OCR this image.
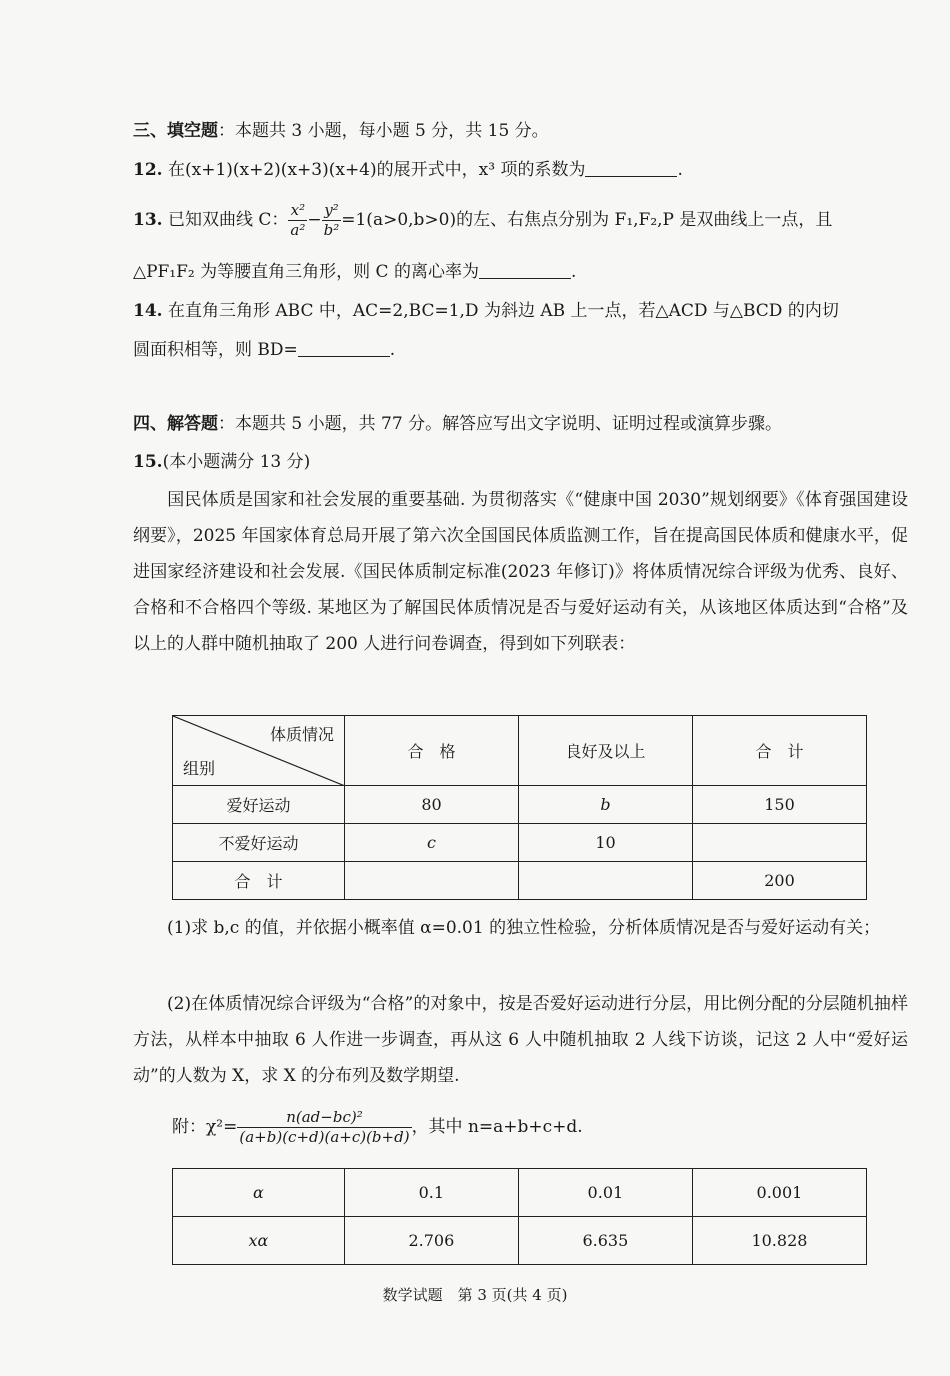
三、填空题：本题共 3 小题，每小题 5 分，共 15 分。
12. 在(x+1)(x+2)(x+3)(x+4)的展开式中，x³ 项的系数为	.
13. 已知双曲线 C： $\frac{\text{x²}}{\text{a²}} - \frac{\text{y²}}{\text{b²}} =1(a>0,b>0)$的左、右焦点分别为 F₁,F₂,P 是双曲线上一点，且
△PF₁F₂ 为等腰直角三角形，则 C 的离心率为	.
14. 在直角三角形 ABC 中，AC=2,BC=1,D 为斜边 AB 上一点，若△ACD 与△BCD 的内切
圆面积相等，则 BD=	.
四、解答题：本题共 5 小题，共 77 分。解答应写出文字说明、证明过程或演算步骤。
15.(本小题满分 13 分)
国民体质是国家和社会发展的重要基础. 为贯彻落实《“健康中国 2030”规划纲要》《体育强国建设纲要》，2025 年国家体育总局开展了第六次全国国民体质监测工作，旨在提高国民体质和健康水平，促进国家经济建设和社会发展.《国民体质制定标准(2023 年修订)》将体质情况综合评级为优秀、良好、合格和不合格四个等级. 某地区为了解国民体质情况是否与爱好运动有关，从该地区体质达到“合格”及以上的人群中随机抽取了 200 人进行问卷调查，得到如下列联表：
体质情况
组别	合　格	良好及以上	合　计
爱好运动	80	b	150
不爱好运动	c	10	
合　计			200
(1)求 b,c 的值，并依据小概率值 α=0.01 的独立性检验，分析体质情况是否与爱好运动有关；
(2)在体质情况综合评级为“合格”的对象中，按是否爱好运动进行分层，用比例分配的分层随机抽样方法，从样本中抽取 6 人作进一步调查，再从这 6 人中随机抽取 2 人线下访谈，记这 2 人中“爱好运动”的人数为 X，求 X 的分布列及数学期望.
附：$\chi^2= \frac{\text{n(ad−bc)²}}{(a+b)(c+d)(a+c)(b+d)}$ ，其中 n=a+b+c+d.
α	0.1	0.01	0.001
xα	2.706	6.635	10.828
数学试题　第 3 页(共 4 页)
